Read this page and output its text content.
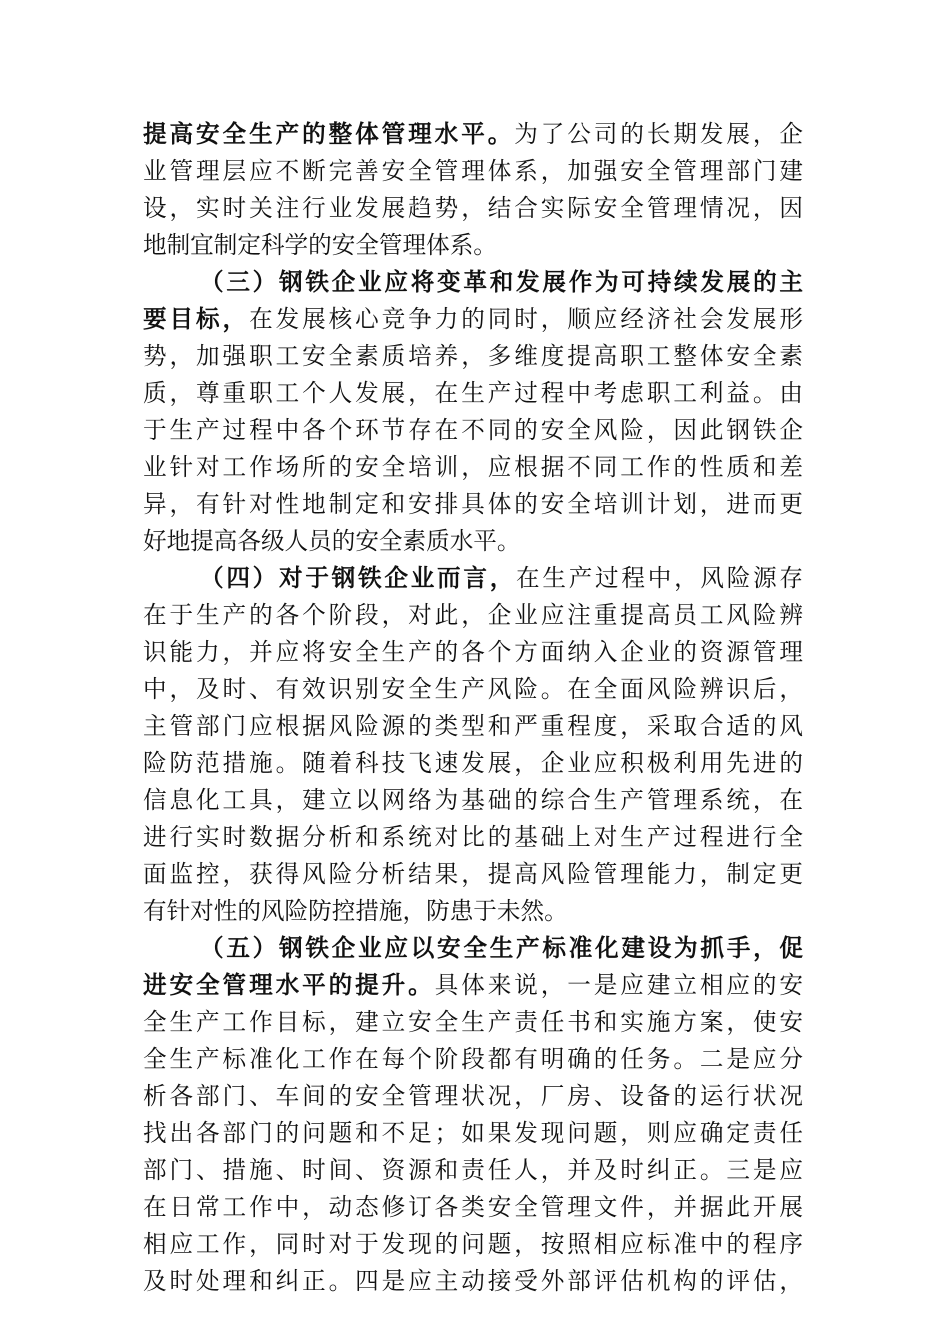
提高安全生产的整体管理水平。为了公司的长期发展，企
业管理层应不断完善安全管理体系，加强安全管理部门建
设，实时关注行业发展趋势，结合实际安全管理情况，因
地制宜制定科学的安全管理体系。
（三）钢铁企业应将变革和发展作为可持续发展的主
要目标，在发展核心竞争力的同时，顺应经济社会发展形
势，加强职工安全素质培养，多维度提高职工整体安全素
质，尊重职工个人发展，在生产过程中考虑职工利益。由
于生产过程中各个环节存在不同的安全风险，因此钢铁企
业针对工作场所的安全培训，应根据不同工作的性质和差
异，有针对性地制定和安排具体的安全培训计划，进而更
好地提高各级人员的安全素质水平。
（四）对于钢铁企业而言，在生产过程中，风险源存
在于生产的各个阶段，对此，企业应注重提高员工风险辨
识能力，并应将安全生产的各个方面纳入企业的资源管理
中，及时、有效识别安全生产风险。在全面风险辨识后，
主管部门应根据风险源的类型和严重程度，采取合适的风
险防范措施。随着科技飞速发展，企业应积极利用先进的
信息化工具，建立以网络为基础的综合生产管理系统，在
进行实时数据分析和系统对比的基础上对生产过程进行全
面监控，获得风险分析结果，提高风险管理能力，制定更
有针对性的风险防控措施，防患于未然。
（五）钢铁企业应以安全生产标准化建设为抓手，促
进安全管理水平的提升。具体来说，一是应建立相应的安
全生产工作目标，建立安全生产责任书和实施方案，使安
全生产标准化工作在每个阶段都有明确的任务。二是应分
析各部门、车间的安全管理状况，厂房、设备的运行状况
找出各部门的问题和不足；如果发现问题，则应确定责任
部门、措施、时间、资源和责任人，并及时纠正。三是应
在日常工作中，动态修订各类安全管理文件，并据此开展
相应工作，同时对于发现的问题，按照相应标准中的程序
及时处理和纠正。四是应主动接受外部评估机构的评估，
